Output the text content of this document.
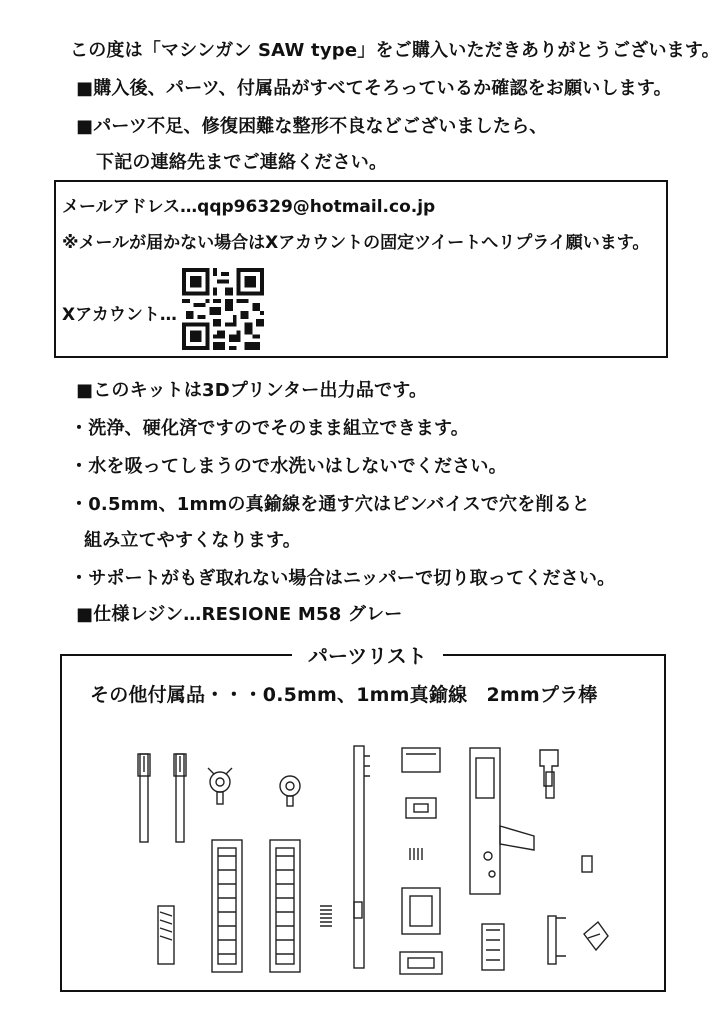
この度は「マシンガン SAW type」をご購入いただきありがとうございます。
■購入後、パーツ、付属品がすべてそろっているか確認をお願いします。
■パーツ不足、修復困難な整形不良などございましたら、
下記の連絡先までご連絡ください。
メールアドレス…qqp96329@hotmail.co.jp
※メールが届かない場合はXアカウントの固定ツイートへリプライ願います。
Xアカウント…
■このキットは3Dプリンター出力品です。
・洗浄、硬化済ですのでそのまま組立できます。
・水を吸ってしまうので水洗いはしないでください。
・0.5mm、1mmの真鍮線を通す穴はピンバイスで穴を削ると
組み立てやすくなります。
・サポートがもぎ取れない場合はニッパーで切り取ってください。
■仕様レジン…RESIONE M58 グレー
パーツリスト
その他付属品・・・0.5mm、1mm真鍮線　2mmプラ棒
